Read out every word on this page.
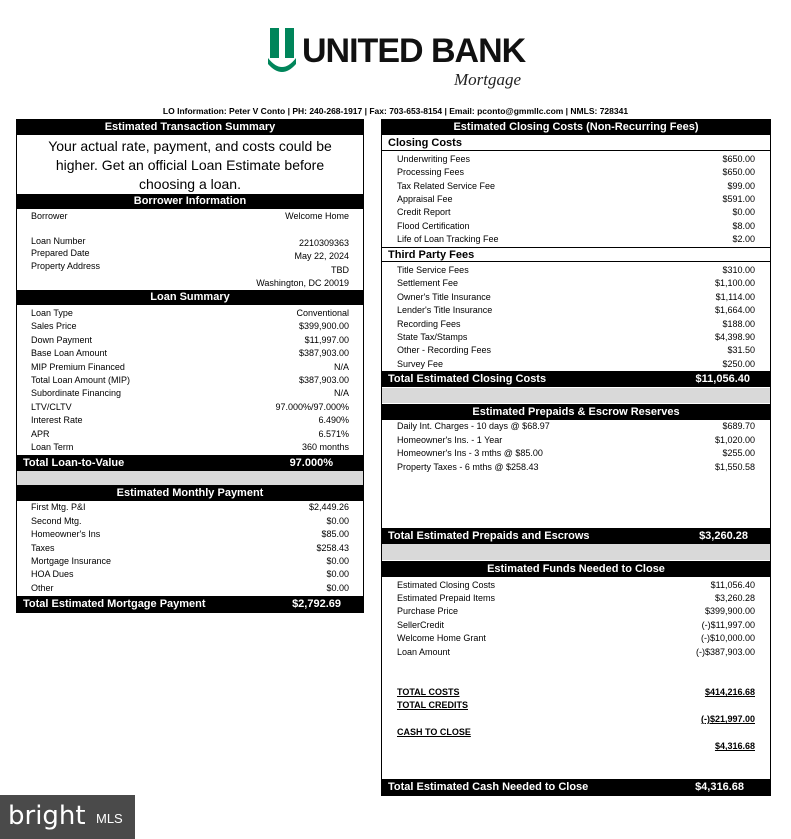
UNITED BANK
Mortgage
LO Information: Peter V Conto | PH: 240-268-1917 | Fax: 703-653-8154 | Email: pconto@gmmllc.com | NMLS: 728341
Estimated Transaction Summary
Your actual rate, payment, and costs could be
higher. Get an official Loan Estimate before
choosing a loan.
Borrower Information
Borrower	Welcome Home
Loan Number	2210309363
Prepared Date	May 22, 2024
Property Address	TBD
Washington, DC 20019
Loan Summary
Loan Type	Conventional
Sales Price	$399,900.00
Down Payment	$11,997.00
Base Loan Amount	$387,903.00
MIP Premium Financed	N/A
Total Loan Amount (MIP)	$387,903.00
Subordinate Financing	N/A
LTV/CLTV	97.000%/97.000%
Interest Rate	6.490%
APR	6.571%
Loan Term	360 months
Total Loan-to-Value	97.000%
Estimated Monthly Payment
First Mtg. P&I	$2,449.26
Second Mtg.	$0.00
Homeowner's Ins	$85.00
Taxes	$258.43
Mortgage Insurance	$0.00
HOA Dues	$0.00
Other	$0.00
Total Estimated Mortgage Payment	$2,792.69
Estimated Closing Costs (Non-Recurring Fees)
Closing Costs
Underwriting Fees	$650.00
Processing Fees	$650.00
Tax Related Service Fee	$99.00
Appraisal Fee	$591.00
Credit Report	$0.00
Flood Certification	$8.00
Life of Loan Tracking Fee	$2.00
Third Party Fees
Title Service Fees	$310.00
Settlement Fee	$1,100.00
Owner's Title Insurance	$1,114.00
Lender's Title Insurance	$1,664.00
Recording Fees	$188.00
State Tax/Stamps	$4,398.90
Other - Recording Fees	$31.50
Survey Fee	$250.00
Total Estimated Closing Costs	$11,056.40
Estimated Prepaids & Escrow Reserves
Daily Int. Charges - 10 days @ $68.97	$689.70
Homeowner's Ins. - 1 Year	$1,020.00
Homeowner's Ins - 3 mths @ $85.00	$255.00
Property Taxes - 6 mths @ $258.43	$1,550.58
Total Estimated Prepaids and Escrows	$3,260.28
Estimated Funds Needed to Close
Estimated Closing Costs	$11,056.40
Estimated Prepaid Items	$3,260.28
Purchase Price	$399,900.00
SellerCredit	(-)$11,997.00
Welcome Home Grant	(-)$10,000.00
Loan Amount	(-)$387,903.00
TOTAL COSTS	$414,216.68
TOTAL CREDITS
(-)$21,997.00
CASH TO CLOSE
$4,316.68
Total Estimated Cash Needed to Close	$4,316.68
bright MLS
